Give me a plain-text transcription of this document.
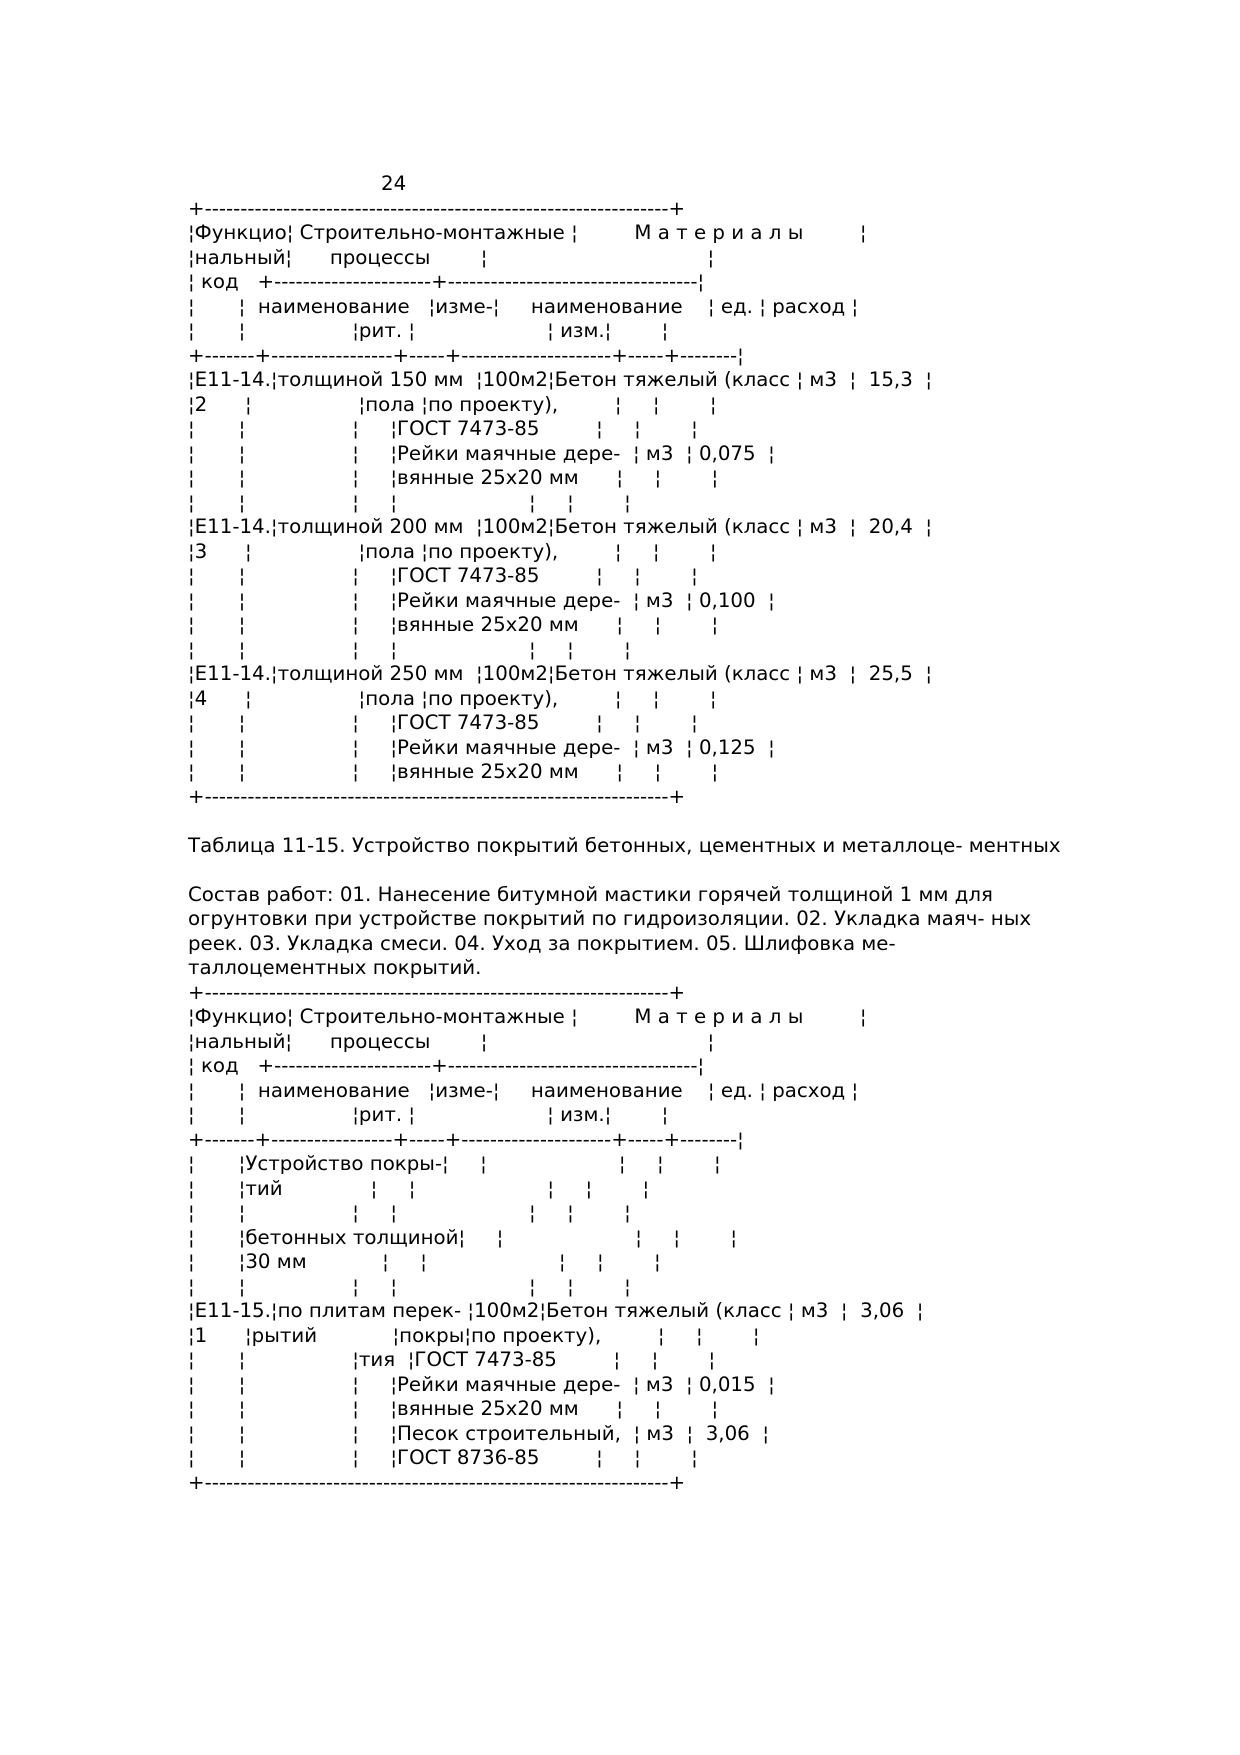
24
+-----------------------------------------------------------------+
¦Функцио¦ Строительно-монтажные ¦         М а т е р и а л ы         ¦
¦нальный¦      процессы        ¦                                   ¦
¦ код   +----------------------+-----------------------------------¦
¦       ¦  наименование   ¦изме-¦     наименование    ¦ ед. ¦ расход ¦
¦       ¦                 ¦рит. ¦                     ¦ изм.¦        ¦
+-------+-----------------+-----+---------------------+-----+--------¦
¦Е11-14.¦толщиной 150 мм  ¦100м2¦Бетон тяжелый (класс ¦ м3  ¦  15,3  ¦
¦2      ¦                 ¦пола ¦по проекту),         ¦     ¦        ¦
¦       ¦                 ¦     ¦ГОСТ 7473-85         ¦     ¦        ¦
¦       ¦                 ¦     ¦Рейки маячные дере-  ¦ м3  ¦ 0,075  ¦
¦       ¦                 ¦     ¦вянные 25х20 мм      ¦     ¦        ¦
¦       ¦                 ¦     ¦                     ¦     ¦        ¦
¦Е11-14.¦толщиной 200 мм  ¦100м2¦Бетон тяжелый (класс ¦ м3  ¦  20,4  ¦
¦3      ¦                 ¦пола ¦по проекту),         ¦     ¦        ¦
¦       ¦                 ¦     ¦ГОСТ 7473-85         ¦     ¦        ¦
¦       ¦                 ¦     ¦Рейки маячные дере-  ¦ м3  ¦ 0,100  ¦
¦       ¦                 ¦     ¦вянные 25х20 мм      ¦     ¦        ¦
¦       ¦                 ¦     ¦                     ¦     ¦        ¦
¦Е11-14.¦толщиной 250 мм  ¦100м2¦Бетон тяжелый (класс ¦ м3  ¦  25,5  ¦
¦4      ¦                 ¦пола ¦по проекту),         ¦     ¦        ¦
¦       ¦                 ¦     ¦ГОСТ 7473-85         ¦     ¦        ¦
¦       ¦                 ¦     ¦Рейки маячные дере-  ¦ м3  ¦ 0,125  ¦
¦       ¦                 ¦     ¦вянные 25х20 мм      ¦     ¦        ¦
+-----------------------------------------------------------------+

Таблица 11-15. Устройство покрытий бетонных, цементных и металлоце- ментных

Состав работ: 01. Нанесение битумной мастики горячей толщиной 1 мм для огрунтовки при устройстве покрытий по гидроизоляции. 02. Укладка маяч- ных реек. 03. Укладка смеси. 04. Уход за покрытием. 05. Шлифовка ме- таллоцементных покрытий.

+-----------------------------------------------------------------+
¦Функцио¦ Строительно-монтажные ¦         М а т е р и а л ы         ¦
¦нальный¦      процессы        ¦                                   ¦
¦ код   +----------------------+-----------------------------------¦
¦       ¦  наименование   ¦изме-¦     наименование    ¦ ед. ¦ расход ¦
¦       ¦                 ¦рит. ¦                     ¦ изм.¦        ¦
+-------+-----------------+-----+---------------------+-----+--------¦
¦       ¦Устройство покры-¦     ¦                     ¦     ¦        ¦
¦       ¦тий              ¦     ¦                     ¦     ¦        ¦
¦       ¦                 ¦     ¦                     ¦     ¦        ¦
¦       ¦бетонных толщиной¦     ¦                     ¦     ¦        ¦
¦       ¦30 мм            ¦     ¦                     ¦     ¦        ¦
¦       ¦                 ¦     ¦                     ¦     ¦        ¦
¦Е11-15.¦по плитам перек- ¦100м2¦Бетон тяжелый (класс ¦ м3  ¦  3,06  ¦
¦1      ¦рытий            ¦покры¦по проекту),         ¦     ¦        ¦
¦       ¦                 ¦тия  ¦ГОСТ 7473-85         ¦     ¦        ¦
¦       ¦                 ¦     ¦Рейки маячные дере-  ¦ м3  ¦ 0,015  ¦
¦       ¦                 ¦     ¦вянные 25х20 мм      ¦     ¦        ¦
¦       ¦                 ¦     ¦Песок строительный,  ¦ м3  ¦  3,06  ¦
¦       ¦                 ¦     ¦ГОСТ 8736-85         ¦     ¦        ¦
+-----------------------------------------------------------------+
